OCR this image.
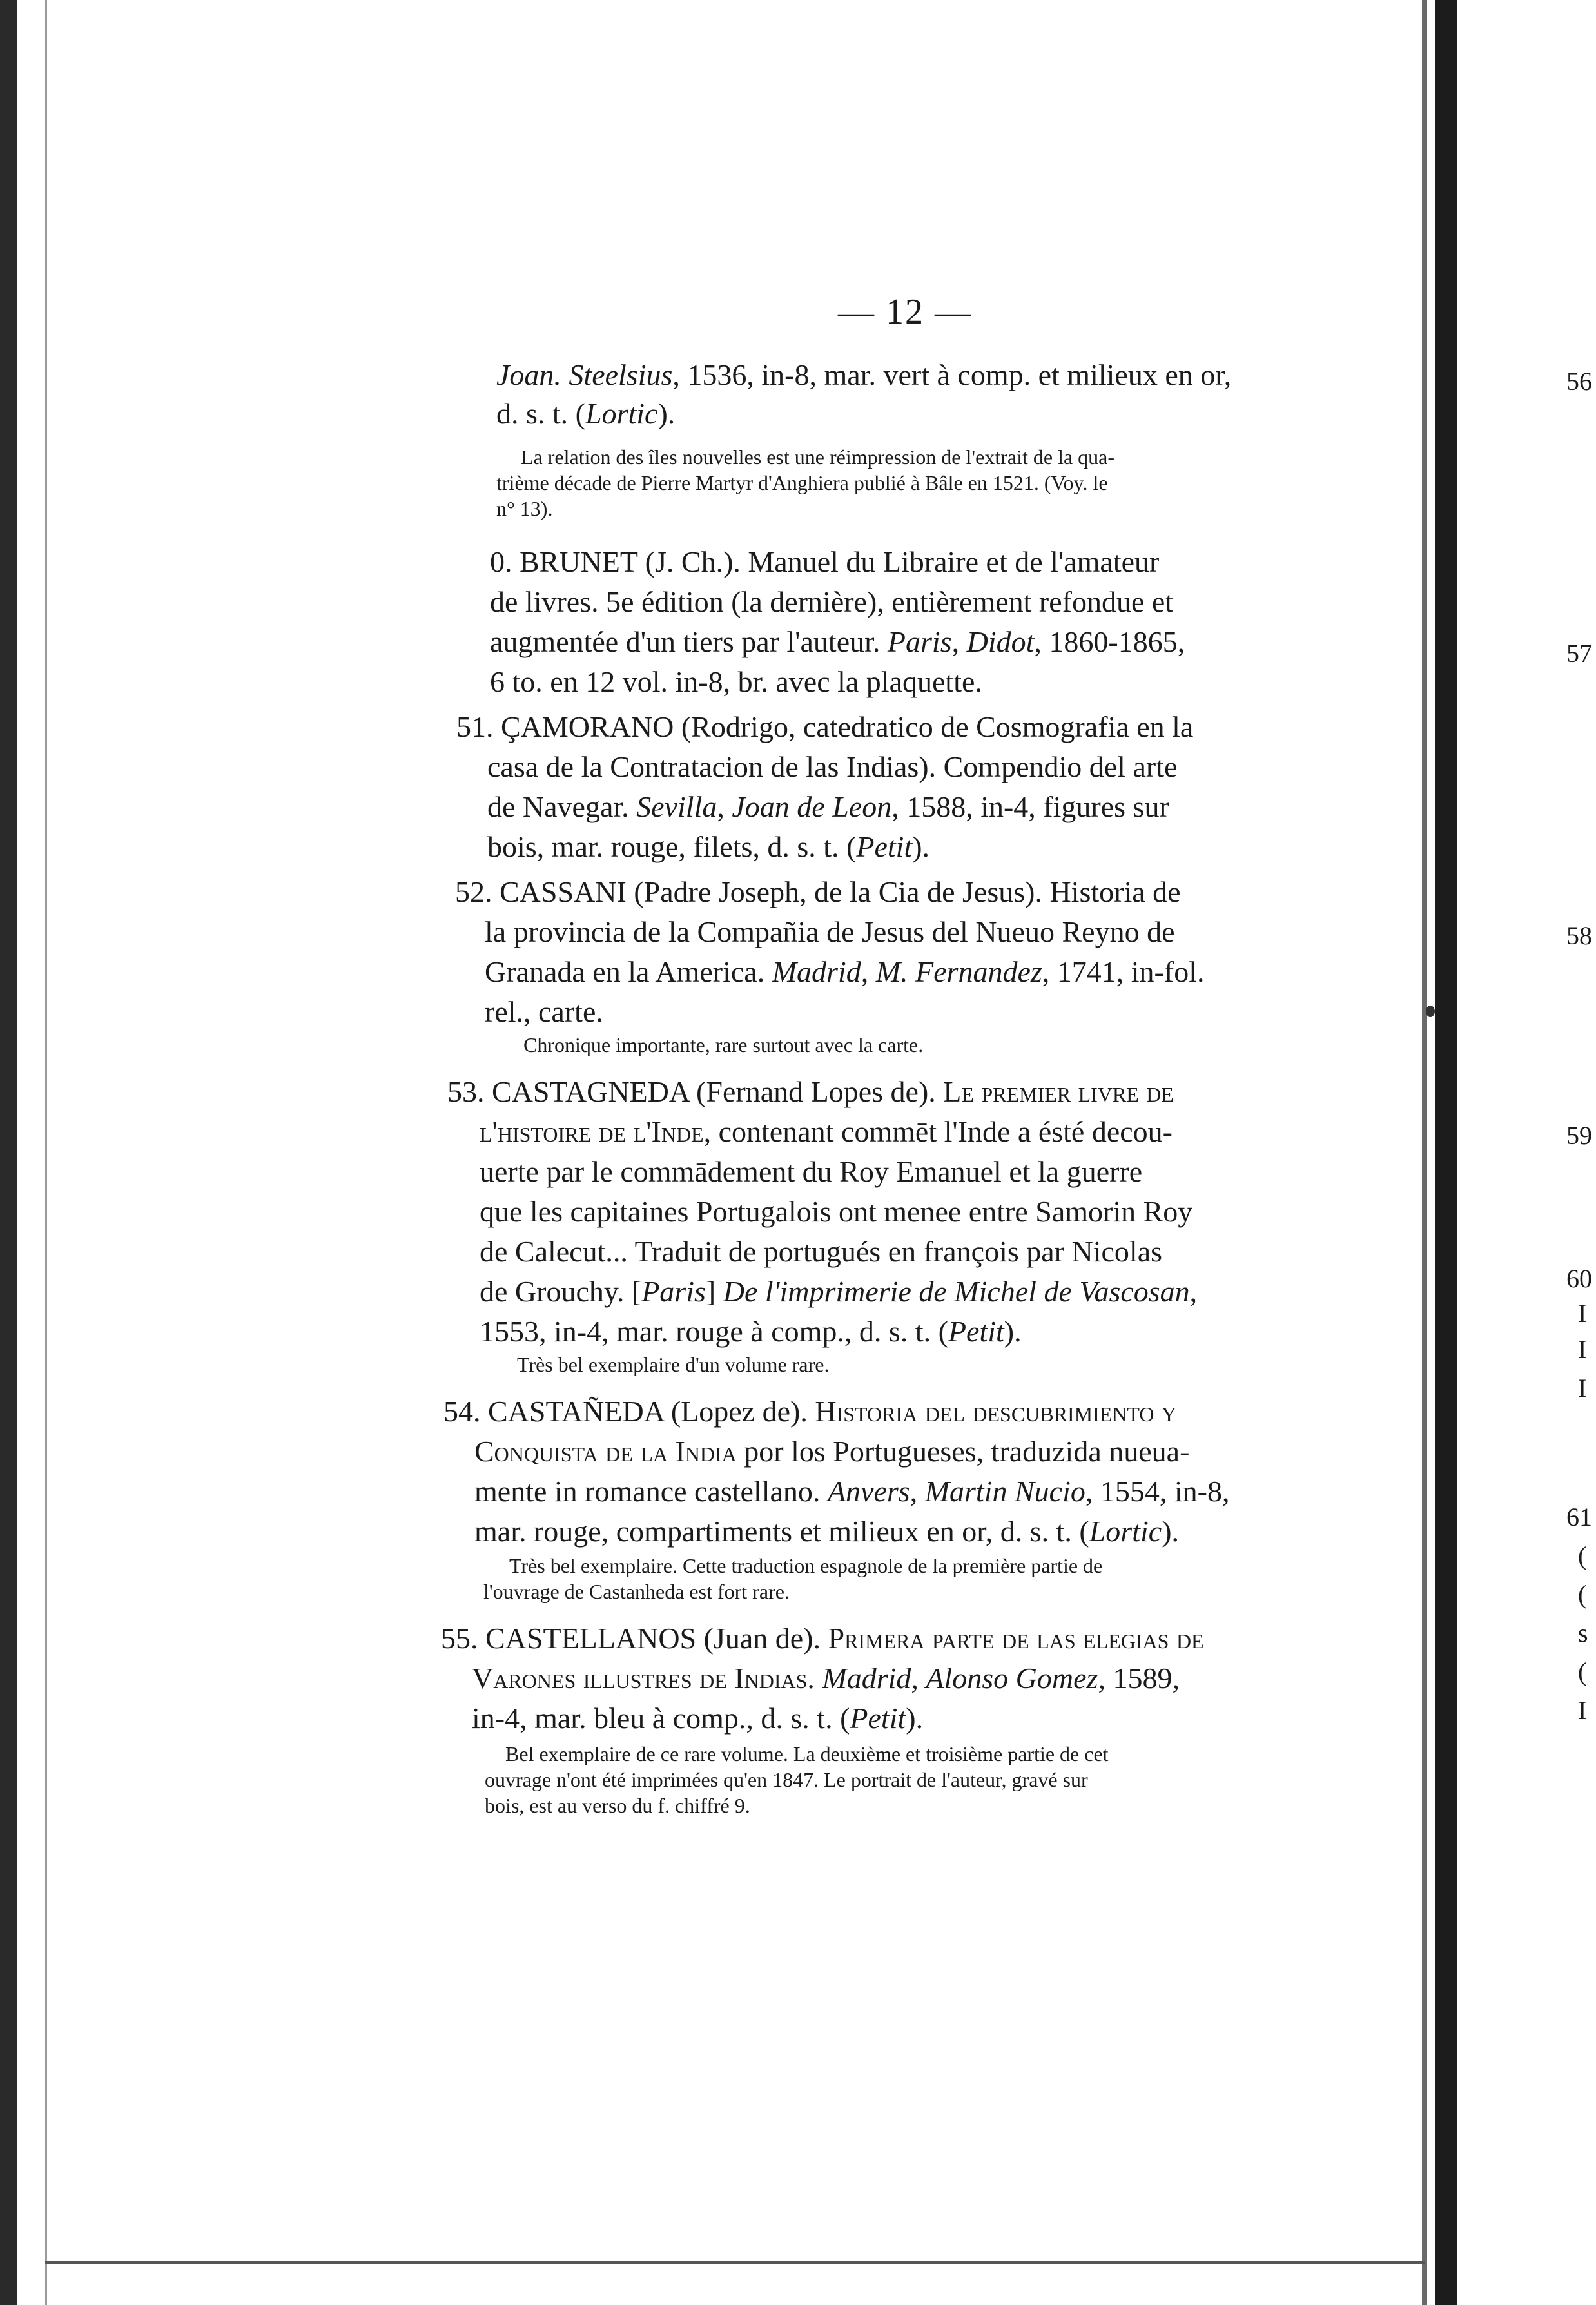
— 12 —
Joan. Steelsius, 1536, in-8, mar. vert à comp. et milieux en or,
d. s. t. (Lortic).
La relation des îles nouvelles est une réimpression de l'extrait de la qua-
trième décade de Pierre Martyr d'Anghiera publié à Bâle en 1521. (Voy. le
n° 13).
0. BRUNET (J. Ch.). Manuel du Libraire et de l'amateur
de livres. 5e édition (la dernière), entièrement refondue et
augmentée d'un tiers par l'auteur. Paris, Didot, 1860-1865,
6 to. en 12 vol. in-8, br. avec la plaquette.
51. ÇAMORANO (Rodrigo, catedratico de Cosmografia en la
casa de la Contratacion de las Indias). Compendio del arte
de Navegar. Sevilla, Joan de Leon, 1588, in-4, figures sur
bois, mar. rouge, filets, d. s. t. (Petit).
52. CASSANI (Padre Joseph, de la Cia de Jesus). Historia de
la provincia de la Compañia de Jesus del Nueuo Reyno de
Granada en la America. Madrid, M. Fernandez, 1741, in-fol.
rel., carte.
Chronique importante, rare surtout avec la carte.
53. CASTAGNEDA (Fernand Lopes de). Le premier livre de
l'histoire de l'Inde, contenant commēt l'Inde a ésté decou-
uerte par le commādement du Roy Emanuel et la guerre
que les capitaines Portugalois ont menee entre Samorin Roy
de Calecut... Traduit de portugués en françois par Nicolas
de Grouchy. [Paris] De l'imprimerie de Michel de Vascosan,
1553, in-4, mar. rouge à comp., d. s. t. (Petit).
Très bel exemplaire d'un volume rare.
54. CASTAÑEDA (Lopez de). Historia del descubrimiento y
Conquista de la India por los Portugueses, traduzida nueua-
mente in romance castellano. Anvers, Martin Nucio, 1554, in-8,
mar. rouge, compartiments et milieux en or, d. s. t. (Lortic).
Très bel exemplaire. Cette traduction espagnole de la première partie de
l'ouvrage de Castanheda est fort rare.
55. CASTELLANOS (Juan de). Primera parte de las elegias de
Varones illustres de Indias. Madrid, Alonso Gomez, 1589,
in-4, mar. bleu à comp., d. s. t. (Petit).
Bel exemplaire de ce rare volume. La deuxième et troisième partie de cet
ouvrage n'ont été imprimées qu'en 1847. Le portrait de l'auteur, gravé sur
bois, est au verso du f. chiffré 9.
56
57
58
59
60
I
I
I
61
(
(
s
(
I
